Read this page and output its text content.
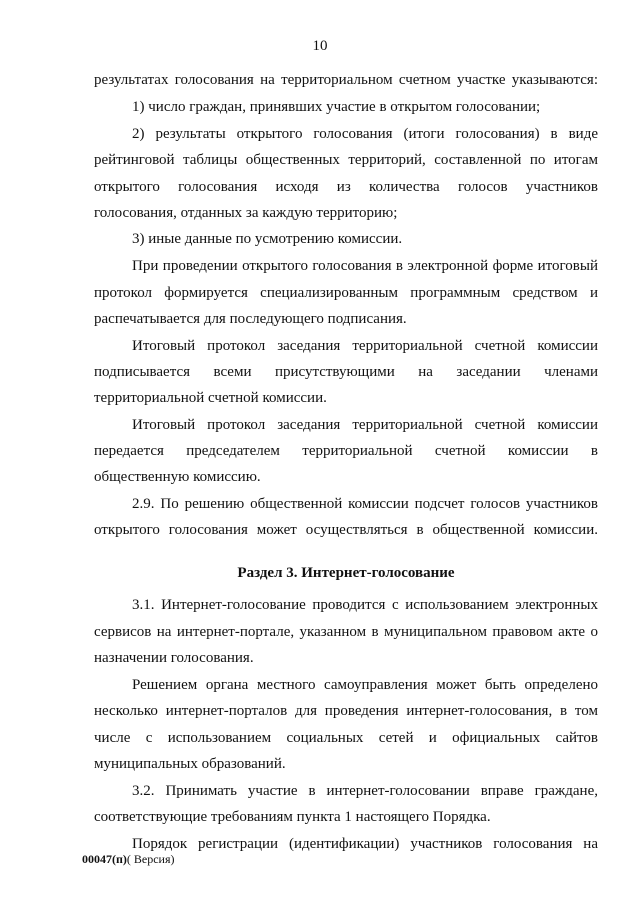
10
результатах голосования на территориальном счетном участке указываются:
1) число граждан, принявших участие в открытом голосовании;
2) результаты открытого голосования (итоги голосования) в виде
рейтинговой таблицы общественных территорий, составленной по итогам
открытого голосования исходя из количества голосов участников
голосования, отданных за каждую территорию;
3) иные данные по усмотрению комиссии.
При проведении открытого голосования в электронной форме итоговый
протокол формируется специализированным программным средством и
распечатывается для последующего подписания.
Итоговый протокол заседания территориальной счетной комиссии
подписывается всеми присутствующими на заседании членами
территориальной счетной комиссии.
Итоговый протокол заседания территориальной счетной комиссии
передается председателем территориальной счетной комиссии в
общественную комиссию.
2.9. По решению общественной комиссии подсчет голосов участников
открытого голосования может осуществляться в общественной комиссии.
Раздел 3. Интернет-голосование
3.1. Интернет-голосование проводится с использованием электронных
сервисов на интернет-портале, указанном в муниципальном правовом акте о
назначении голосования.
Решением органа местного самоуправления может быть определено
несколько интернет-порталов для проведения интернет-голосования, в том
числе с использованием социальных сетей и официальных сайтов
муниципальных образований.
3.2. Принимать участие в интернет-голосовании вправе граждане,
соответствующие требованиям пункта 1 настоящего Порядка.
Порядок регистрации (идентификации) участников голосования на
00047(п)( Версия)
